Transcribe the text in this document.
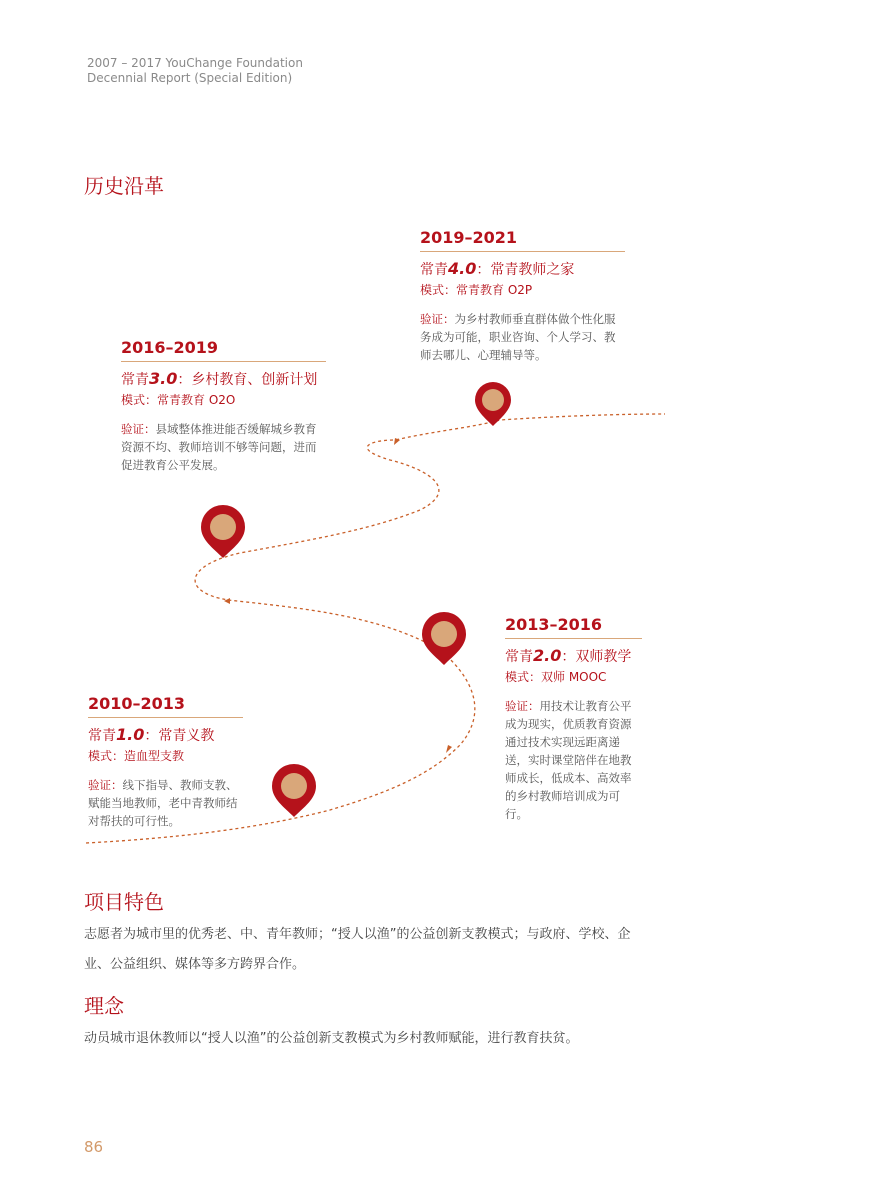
2007 – 2017 YouChange Foundation
Decennial Report (Special Edition)
历史沿革
2010–2013
常青1.0：常青义教
模式：造血型支教
验证：线下指导、教师支教、赋能当地教师，老中青教师结对帮扶的可行性。
2013–2016
常青2.0：双师教学
模式：双师 MOOC
验证：用技术让教育公平成为现实，优质教育资源通过技术实现远距离递送，实时课堂陪伴在地教师成长，低成本、高效率的乡村教师培训成为可行。
2016–2019
常青3.0：乡村教育、创新计划
模式：常青教育 O2O
验证：县域整体推进能否缓解城乡教育资源不均、教师培训不够等问题，进而促进教育公平发展。
2019–2021
常青4.0：常青教师之家
模式：常青教育 O2P
验证：为乡村教师垂直群体做个性化服务成为可能，职业咨询、个人学习、教师去哪儿、心理辅导等。
项目特色
志愿者为城市里的优秀老、中、青年教师；“授人以渔”的公益创新支教模式；与政府、学校、企业、公益组织、媒体等多方跨界合作。
理念
动员城市退休教师以“授人以渔”的公益创新支教模式为乡村教师赋能，进行教育扶贫。
86
